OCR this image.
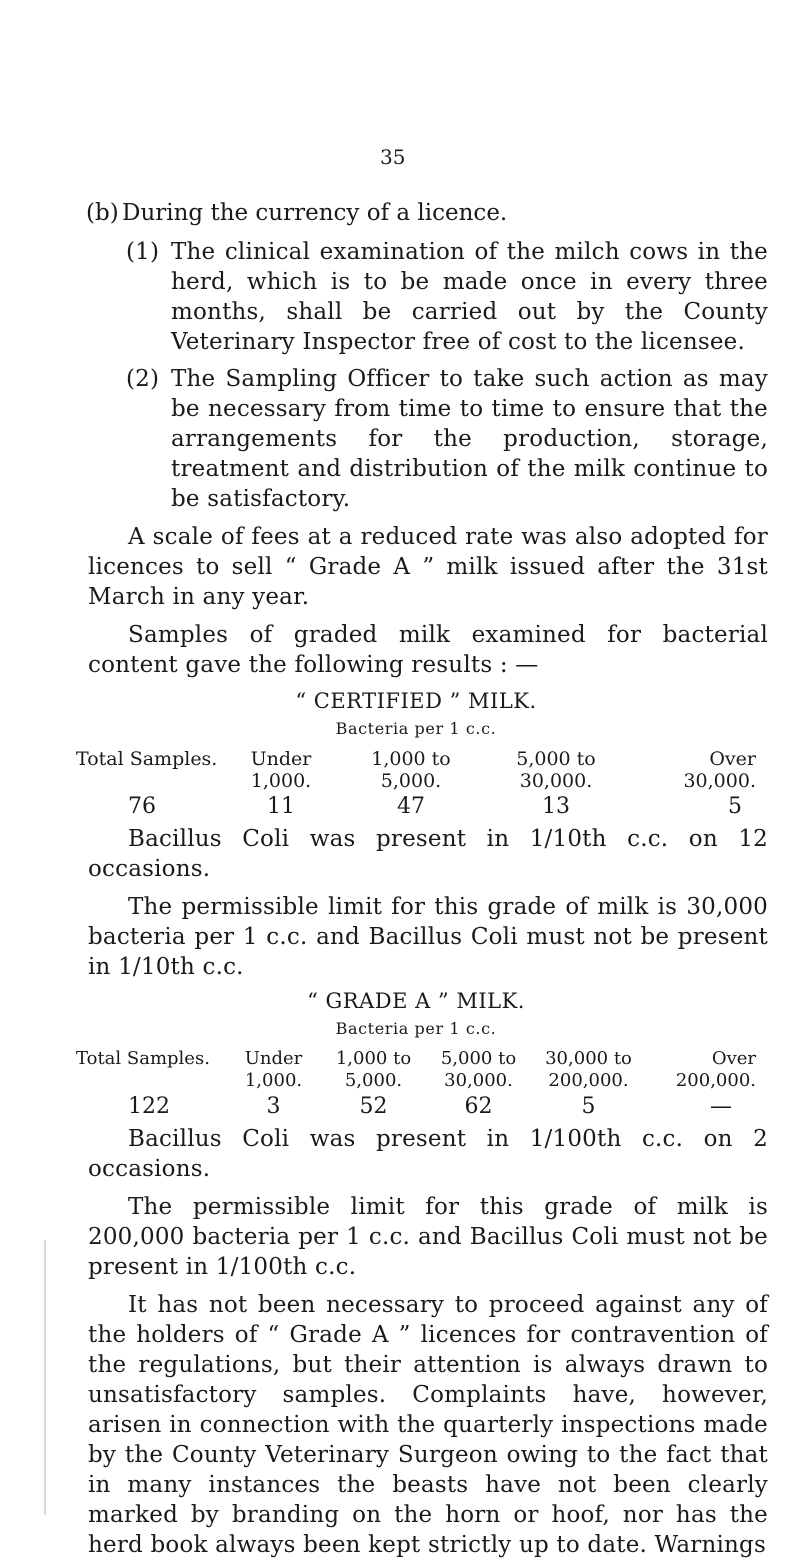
35

(b) During the currency of a licence.

(1) The clinical examination of the milch cows in the herd, which is to be made once in every three months, shall be carried out by the County Veterinary Inspector free of cost to the licensee.

(2) The Sampling Officer to take such action as may be necessary from time to time to ensure that the arrangements for the production, storage, treatment and distribution of the milk continue to be satisfactory.

A scale of fees at a reduced rate was also adopted for licences to sell “ Grade A ” milk issued after the 31st March in any year.

Samples of graded milk examined for bacterial content gave the following results : —

“ CERTIFIED ” MILK.

Bacteria per 1 c.c.

Total Samples.	Under	1,000 to	5,000 to	Over
	1,000.	5,000.	30,000.	30,000.
76	11	47	13	5

Bacillus Coli was present in 1/10th c.c. on 12 occasions.

The permissible limit for this grade of milk is 30,000 bacteria per 1 c.c. and Bacillus Coli must not be present in 1/10th c.c.

“ GRADE A ” MILK.

Bacteria per 1 c.c.

Total Samples.	Under	1,000 to	5,000 to	30,000 to	Over
	1,000.	5,000.	30,000.	200,000.	200,000.
122	3	52	62	5	—

Bacillus Coli was present in 1/100th c.c. on 2 occasions.

The permissible limit for this grade of milk is 200,000 bacteria per 1 c.c. and Bacillus Coli must not be present in 1/100th c.c.

It has not been necessary to proceed against any of the holders of “ Grade A ” licences for contravention of the regulations, but their attention is always drawn to unsatisfactory samples. Complaints have, however, arisen in connection with the quarterly inspections made by the County Veterinary Surgeon owing to the fact that in many instances the beasts have not been clearly marked by branding on the horn or hoof, nor has the herd book always been kept strictly up to date. Warnings
